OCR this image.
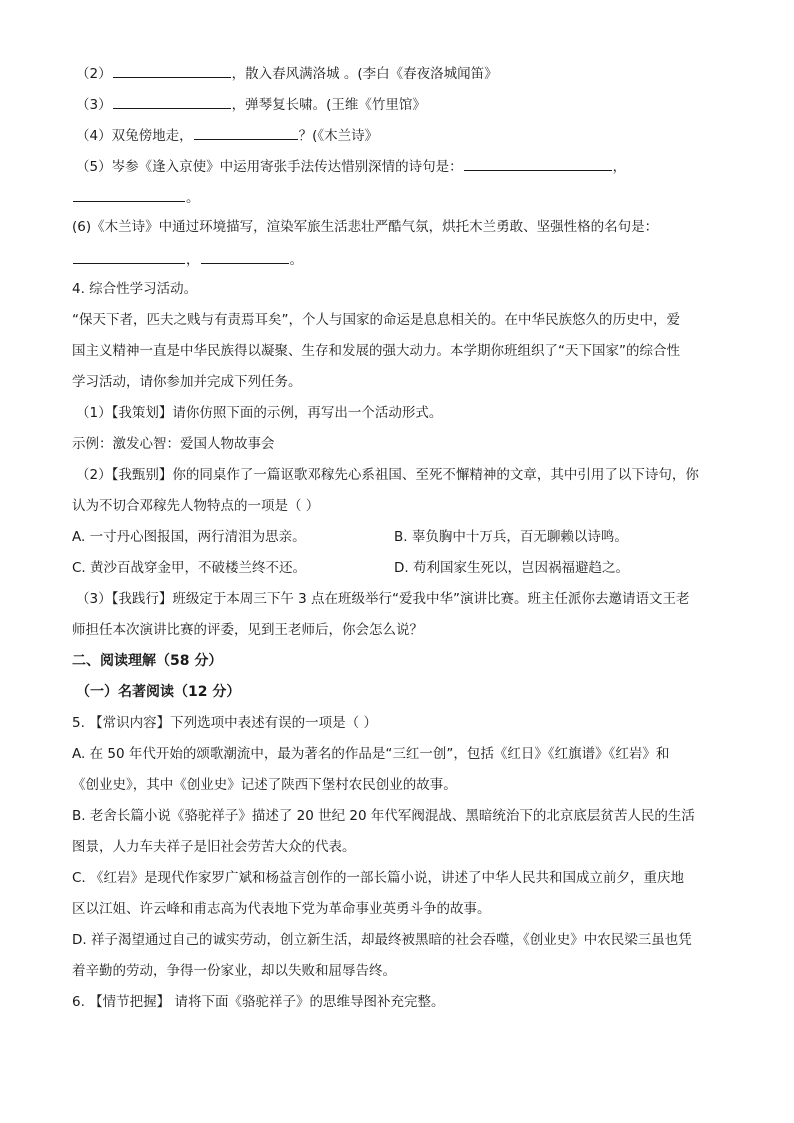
（2）	，散入春风满洛城 。(李白《春夜洛城闻笛》
（3）	，弹琴复长啸。(王维《竹里馆》
（4）双兔傍地走，	？(《木兰诗》
（5）岑参《逢入京使》中运用寄张手法传达惜别深情的诗句是：	，
。
(6)《木兰诗》中通过环境描写，渲染军旅生活悲壮严酷气氛，烘托木兰勇敢、坚强性格的名句是：
，	。
4. 综合性学习活动。
“保天下者，匹夫之贱与有责焉耳矣”，个人与国家的命运是息息相关的。在中华民族悠久的历史中，爱
国主义精神一直是中华民族得以凝聚、生存和发展的强大动力。本学期你班组织了“天下国家”的综合性
学习活动，请你参加并完成下列任务。
（1）【我策划】请你仿照下面的示例，再写出一个活动形式。
示例：激发心智：爱国人物故事会
（2）【我甄别】你的同桌作了一篇讴歌邓稼先心系祖国、至死不懈精神的文章，其中引用了以下诗句，你
认为不切合邓稼先人物特点的一项是（ ）
A. 一寸丹心图报国，两行清泪为思亲。	B. 辜负胸中十万兵，百无聊赖以诗鸣。
C. 黄沙百战穿金甲，不破楼兰终不还。	D. 苟利国家生死以，岂因祸福避趋之。
（3）【我践行】班级定于本周三下午 3 点在班级举行“爱我中华”演讲比赛。班主任派你去邀请语文王老
师担任本次演讲比赛的评委，见到王老师后，你会怎么说？
二、阅读理解（58 分）
（一）名著阅读（12 分）
5. 【常识内容】下列选项中表述有误的一项是（ ）
A. 在 50 年代开始的颂歌潮流中，最为著名的作品是“三红一创”，包括《红日》《红旗谱》《红岩》和
《创业史》，其中《创业史》记述了陕西下堡村农民创业的故事。
B. 老舍长篇小说《骆驼祥子》描述了 20 世纪 20 年代军阀混战、黑暗统治下的北京底层贫苦人民的生活
图景，人力车夫祥子是旧社会劳苦大众的代表。
C. 《红岩》是现代作家罗广斌和杨益言创作的一部长篇小说，讲述了中华人民共和国成立前夕，重庆地
区以江姐、许云峰和甫志高为代表地下党为革命事业英勇斗争的故事。
D. 祥子渴望通过自己的诚实劳动，创立新生活，却最终被黑暗的社会吞噬，《创业史》中农民梁三虽也凭
着辛勤的劳动，争得一份家业，却以失败和屈辱告终。
6. 【情节把握】 请将下面《骆驼祥子》的思维导图补充完整。
